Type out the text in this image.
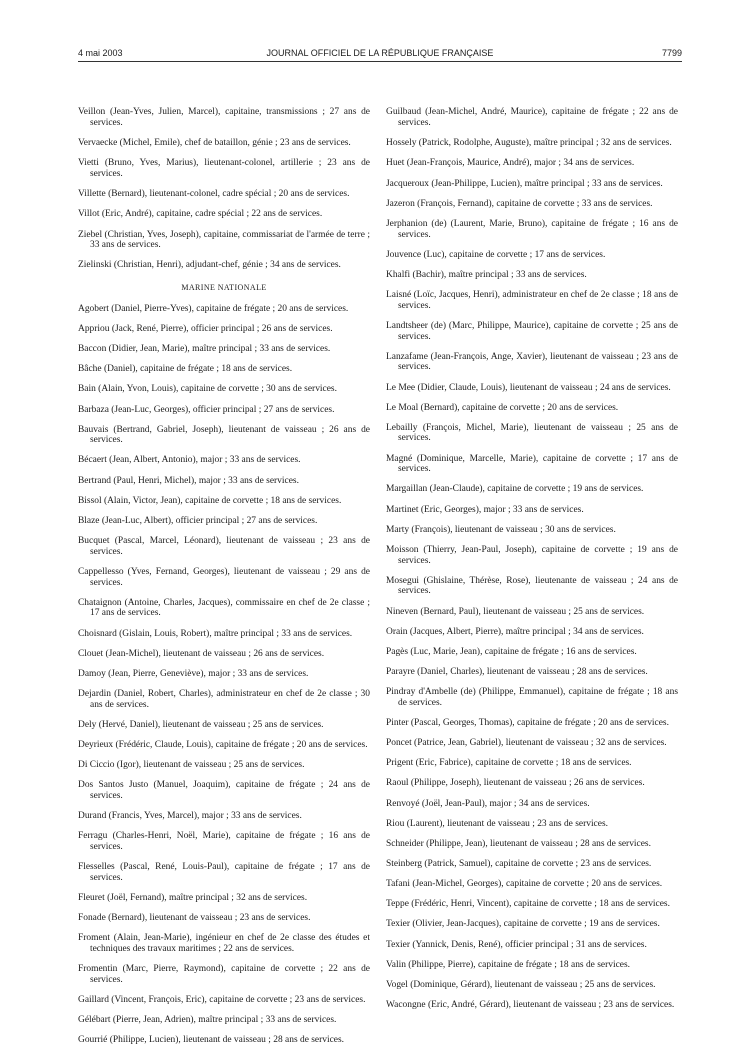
4 mai 2003	JOURNAL OFFICIEL DE LA RÉPUBLIQUE FRANÇAISE	7799

Veillon (Jean-Yves, Julien, Marcel), capitaine, transmissions ; 27 ans de services.

Vervaecke (Michel, Emile), chef de bataillon, génie ; 23 ans de services.

Vietti (Bruno, Yves, Marius), lieutenant-colonel, artillerie ; 23 ans de services.

Villette (Bernard), lieutenant-colonel, cadre spécial ; 20 ans de services.

Villot (Eric, André), capitaine, cadre spécial ; 22 ans de services.

Ziebel (Christian, Yves, Joseph), capitaine, commissariat de l'armée de terre ; 33 ans de services.

Zielinski (Christian, Henri), adjudant-chef, génie ; 34 ans de services.

MARINE NATIONALE

Agobert (Daniel, Pierre-Yves), capitaine de frégate ; 20 ans de services.

Appriou (Jack, René, Pierre), officier principal ; 26 ans de services.

Baccon (Didier, Jean, Marie), maître principal ; 33 ans de services.

Bâche (Daniel), capitaine de frégate ; 18 ans de services.

Bain (Alain, Yvon, Louis), capitaine de corvette ; 30 ans de services.

Barbaza (Jean-Luc, Georges), officier principal ; 27 ans de services.

Bauvais (Bertrand, Gabriel, Joseph), lieutenant de vaisseau ; 26 ans de services.

Bécaert (Jean, Albert, Antonio), major ; 33 ans de services.

Bertrand (Paul, Henri, Michel), major ; 33 ans de services.

Bissol (Alain, Victor, Jean), capitaine de corvette ; 18 ans de services.

Blaze (Jean-Luc, Albert), officier principal ; 27 ans de services.

Bucquet (Pascal, Marcel, Léonard), lieutenant de vaisseau ; 23 ans de services.

Cappellesso (Yves, Fernand, Georges), lieutenant de vaisseau ; 29 ans de services.

Chataignon (Antoine, Charles, Jacques), commissaire en chef de 2e classe ; 17 ans de services.

Choisnard (Gislain, Louis, Robert), maître principal ; 33 ans de services.

Clouet (Jean-Michel), lieutenant de vaisseau ; 26 ans de services.

Damoy (Jean, Pierre, Geneviève), major ; 33 ans de services.

Dejardin (Daniel, Robert, Charles), administrateur en chef de 2e classe ; 30 ans de services.

Dely (Hervé, Daniel), lieutenant de vaisseau ; 25 ans de services.

Deyrieux (Frédéric, Claude, Louis), capitaine de frégate ; 20 ans de services.

Di Ciccio (Igor), lieutenant de vaisseau ; 25 ans de services.

Dos Santos Justo (Manuel, Joaquim), capitaine de frégate ; 24 ans de services.

Durand (Francis, Yves, Marcel), major ; 33 ans de services.

Ferragu (Charles-Henri, Noël, Marie), capitaine de frégate ; 16 ans de services.

Flesselles (Pascal, René, Louis-Paul), capitaine de frégate ; 17 ans de services.

Fleuret (Joël, Fernand), maître principal ; 32 ans de services.

Fonade (Bernard), lieutenant de vaisseau ; 23 ans de services.

Froment (Alain, Jean-Marie), ingénieur en chef de 2e classe des études et techniques des travaux maritimes ; 22 ans de services.

Fromentin (Marc, Pierre, Raymond), capitaine de corvette ; 22 ans de services.

Gaillard (Vincent, François, Eric), capitaine de corvette ; 23 ans de services.

Gélébart (Pierre, Jean, Adrien), maître principal ; 33 ans de services.

Gourrié (Philippe, Lucien), lieutenant de vaisseau ; 28 ans de services.

Guilbaud (Jean-Michel, André, Maurice), capitaine de frégate ; 22 ans de services.

Hossely (Patrick, Rodolphe, Auguste), maître principal ; 32 ans de services.

Huet (Jean-François, Maurice, André), major ; 34 ans de services.

Jacqueroux (Jean-Philippe, Lucien), maître principal ; 33 ans de services.

Jazeron (François, Fernand), capitaine de corvette ; 33 ans de services.

Jerphanion (de) (Laurent, Marie, Bruno), capitaine de frégate ; 16 ans de services.

Jouvence (Luc), capitaine de corvette ; 17 ans de services.

Khalfi (Bachir), maître principal ; 33 ans de services.

Laisné (Loïc, Jacques, Henri), administrateur en chef de 2e classe ; 18 ans de services.

Landtsheer (de) (Marc, Philippe, Maurice), capitaine de corvette ; 25 ans de services.

Lanzafame (Jean-François, Ange, Xavier), lieutenant de vaisseau ; 23 ans de services.

Le Mee (Didier, Claude, Louis), lieutenant de vaisseau ; 24 ans de services.

Le Moal (Bernard), capitaine de corvette ; 20 ans de services.

Lebailly (François, Michel, Marie), lieutenant de vaisseau ; 25 ans de services.

Magné (Dominique, Marcelle, Marie), capitaine de corvette ; 17 ans de services.

Margaillan (Jean-Claude), capitaine de corvette ; 19 ans de services.

Martinet (Eric, Georges), major ; 33 ans de services.

Marty (François), lieutenant de vaisseau ; 30 ans de services.

Moisson (Thierry, Jean-Paul, Joseph), capitaine de corvette ; 19 ans de services.

Mosegui (Ghislaine, Thérèse, Rose), lieutenante de vaisseau ; 24 ans de services.

Nineven (Bernard, Paul), lieutenant de vaisseau ; 25 ans de services.

Orain (Jacques, Albert, Pierre), maître principal ; 34 ans de services.

Pagès (Luc, Marie, Jean), capitaine de frégate ; 16 ans de services.

Parayre (Daniel, Charles), lieutenant de vaisseau ; 28 ans de services.

Pindray d'Ambelle (de) (Philippe, Emmanuel), capitaine de frégate ; 18 ans de services.

Pinter (Pascal, Georges, Thomas), capitaine de frégate ; 20 ans de services.

Poncet (Patrice, Jean, Gabriel), lieutenant de vaisseau ; 32 ans de services.

Prigent (Eric, Fabrice), capitaine de corvette ; 18 ans de services.

Raoul (Philippe, Joseph), lieutenant de vaisseau ; 26 ans de services.

Renvoyé (Joël, Jean-Paul), major ; 34 ans de services.

Riou (Laurent), lieutenant de vaisseau ; 23 ans de services.

Schneider (Philippe, Jean), lieutenant de vaisseau ; 28 ans de services.

Steinberg (Patrick, Samuel), capitaine de corvette ; 23 ans de services.

Tafani (Jean-Michel, Georges), capitaine de corvette ; 20 ans de services.

Teppe (Frédéric, Henri, Vincent), capitaine de corvette ; 18 ans de services.

Texier (Olivier, Jean-Jacques), capitaine de corvette ; 19 ans de services.

Texier (Yannick, Denis, René), officier principal ; 31 ans de services.

Valin (Philippe, Pierre), capitaine de frégate ; 18 ans de services.

Vogel (Dominique, Gérard), lieutenant de vaisseau ; 25 ans de services.

Wacongne (Eric, André, Gérard), lieutenant de vaisseau ; 23 ans de services.
